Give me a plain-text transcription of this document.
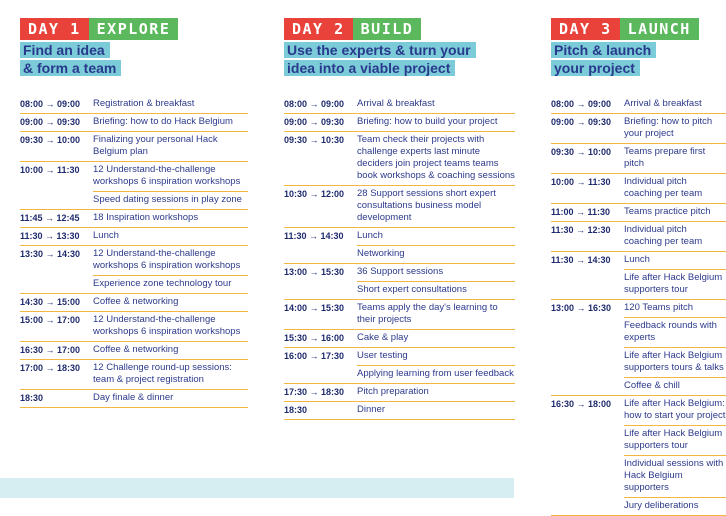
DAY 1	EXPLORE
Find an idea
& form a team
08:00 → 09:00	Registration & breakfast
09:00 → 09:30	Briefing: how to do Hack Belgium
09:30 → 10:00	Finalizing your personal Hack Belgium plan
10:00 → 11:30	12 Understand-the-challenge workshops 6 inspiration workshops
Speed dating sessions in play zone
11:45 → 12:45	18 Inspiration workshops
11:30 → 13:30	Lunch
13:30 → 14:30	12 Understand-the-challenge workshops 6 inspiration workshops
Experience zone technology tour
14:30 → 15:00	Coffee & networking
15:00 → 17:00	12 Understand-the-challenge workshops 6 inspiration workshops
16:30 → 17:00	Coffee & networking
17:00 → 18:30	12 Challenge round-up sessions: team & project registration
18:30	Day finale & dinner
DAY 2	BUILD
Use the experts & turn your
idea into a viable project
08:00 → 09:00	Arrival & breakfast
09:00 → 09:30	Briefing: how to build your project
09:30 → 10:30	Team check their projects with challenge experts last minute deciders join project teams teams book workshops & coaching sessions
10:30 → 12:00	28 Support sessions short expert consultations business model development
11:30 → 14:30	Lunch
Networking
13:00 → 15:30	36 Support sessions
Short expert consultations
14:00 → 15:30	Teams apply the day's learning to their projects
15:30 → 16:00	Cake & play
16:00 → 17:30	User testing
Applying learning from user feedback
17:30 → 18:30	Pitch preparation
18:30	Dinner
DAY 3	LAUNCH
Pitch & launch
your project
08:00 → 09:00	Arrival & breakfast
09:00 → 09:30	Briefing: how to pitch your project
09:30 → 10:00	Teams prepare first pitch
10:00 → 11:30	Individual pitch coaching per team
11:00 → 11:30	Teams practice pitch
11:30 → 12:30	Individual pitch coaching per team
11:30 → 14:30	Lunch
Life after Hack Belgium supporters tour
13:00 → 16:30	120 Teams pitch
Feedback rounds with experts
Life after Hack Belgium supporters tours & talks
Coffee & chill
16:30 → 18:00	Life after Hack Belgium: how to start your project
Life after Hack Belgium supporters tour
Individual sessions with Hack Belgium supporters
Jury deliberations
